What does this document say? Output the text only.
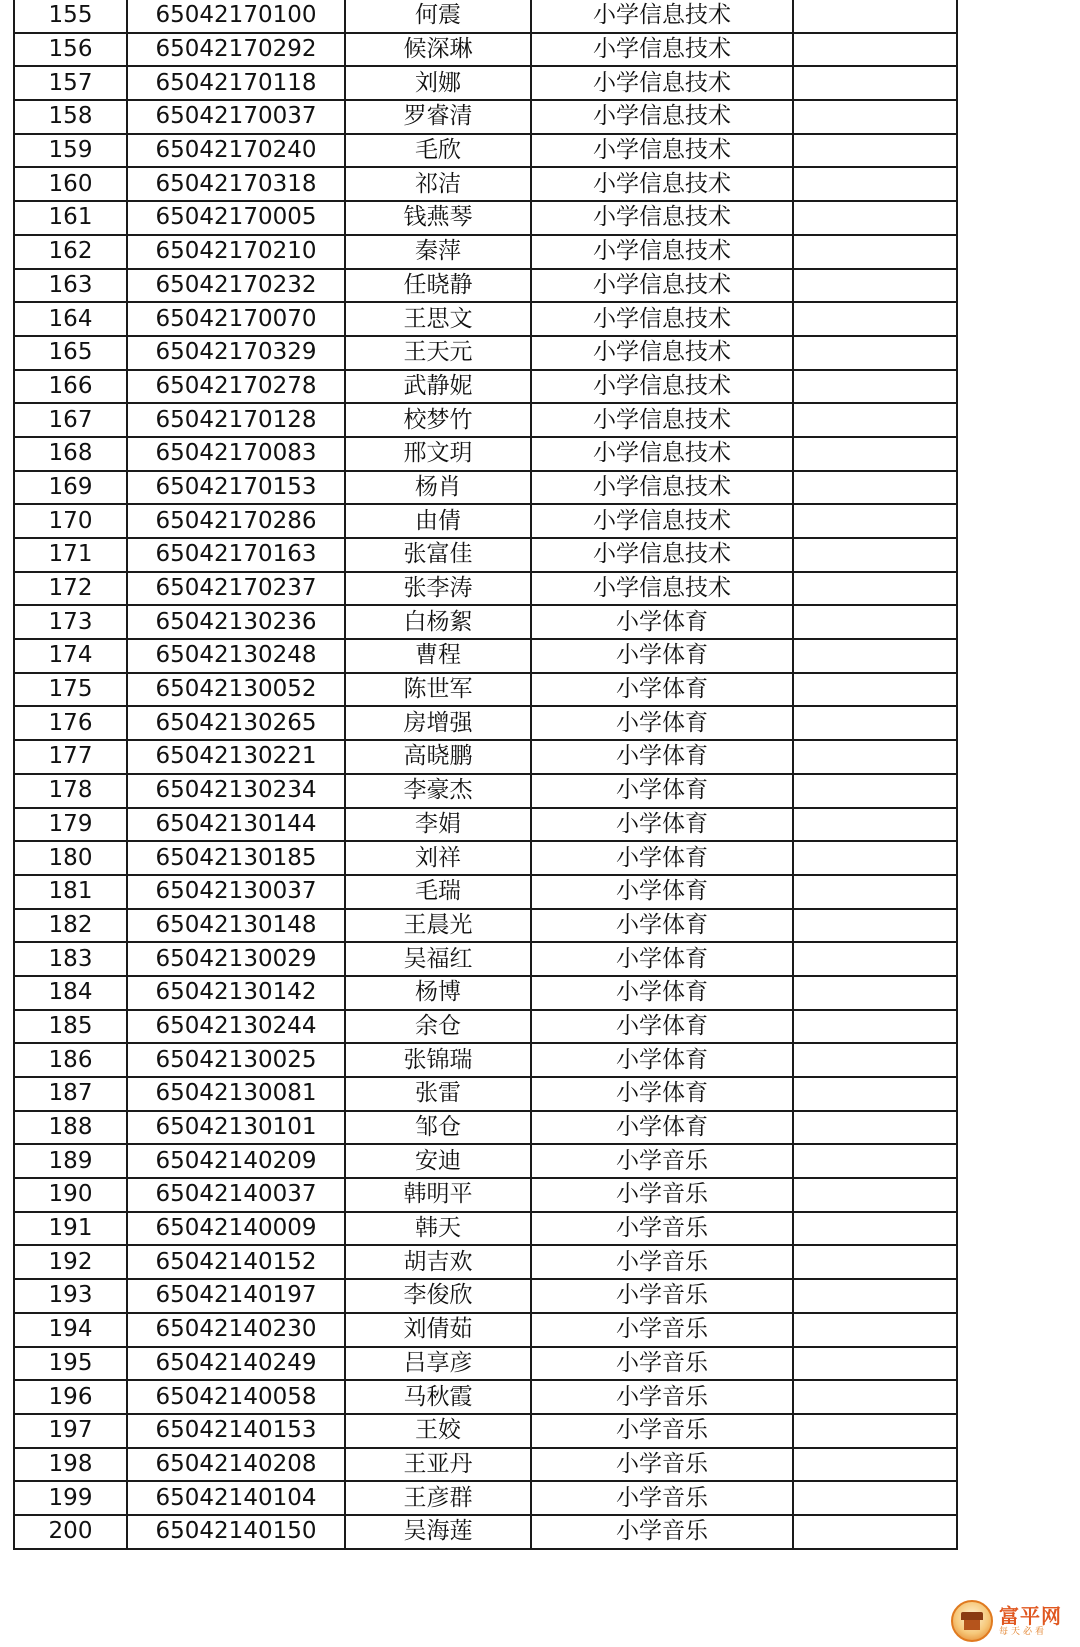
155	65042170100	何震	小学信息技术	
156	65042170292	候深琳	小学信息技术	
157	65042170118	刘娜	小学信息技术	
158	65042170037	罗睿清	小学信息技术	
159	65042170240	毛欣	小学信息技术	
160	65042170318	祁洁	小学信息技术	
161	65042170005	钱燕琴	小学信息技术	
162	65042170210	秦萍	小学信息技术	
163	65042170232	任晓静	小学信息技术	
164	65042170070	王思文	小学信息技术	
165	65042170329	王天元	小学信息技术	
166	65042170278	武静妮	小学信息技术	
167	65042170128	校梦竹	小学信息技术	
168	65042170083	邢文玥	小学信息技术	
169	65042170153	杨肖	小学信息技术	
170	65042170286	由倩	小学信息技术	
171	65042170163	张富佳	小学信息技术	
172	65042170237	张李涛	小学信息技术	
173	65042130236	白杨絮	小学体育	
174	65042130248	曹程	小学体育	
175	65042130052	陈世军	小学体育	
176	65042130265	房增强	小学体育	
177	65042130221	高晓鹏	小学体育	
178	65042130234	李豪杰	小学体育	
179	65042130144	李娟	小学体育	
180	65042130185	刘祥	小学体育	
181	65042130037	毛瑞	小学体育	
182	65042130148	王晨光	小学体育	
183	65042130029	吴福红	小学体育	
184	65042130142	杨博	小学体育	
185	65042130244	余仓	小学体育	
186	65042130025	张锦瑞	小学体育	
187	65042130081	张雷	小学体育	
188	65042130101	邹仓	小学体育	
189	65042140209	安迪	小学音乐	
190	65042140037	韩明平	小学音乐	
191	65042140009	韩天	小学音乐	
192	65042140152	胡吉欢	小学音乐	
193	65042140197	李俊欣	小学音乐	
194	65042140230	刘倩茹	小学音乐	
195	65042140249	吕享彦	小学音乐	
196	65042140058	马秋霞	小学音乐	
197	65042140153	王姣	小学音乐	
198	65042140208	王亚丹	小学音乐	
199	65042140104	王彦群	小学音乐	
200	65042140150	吴海莲	小学音乐	
富平网
每天必看
